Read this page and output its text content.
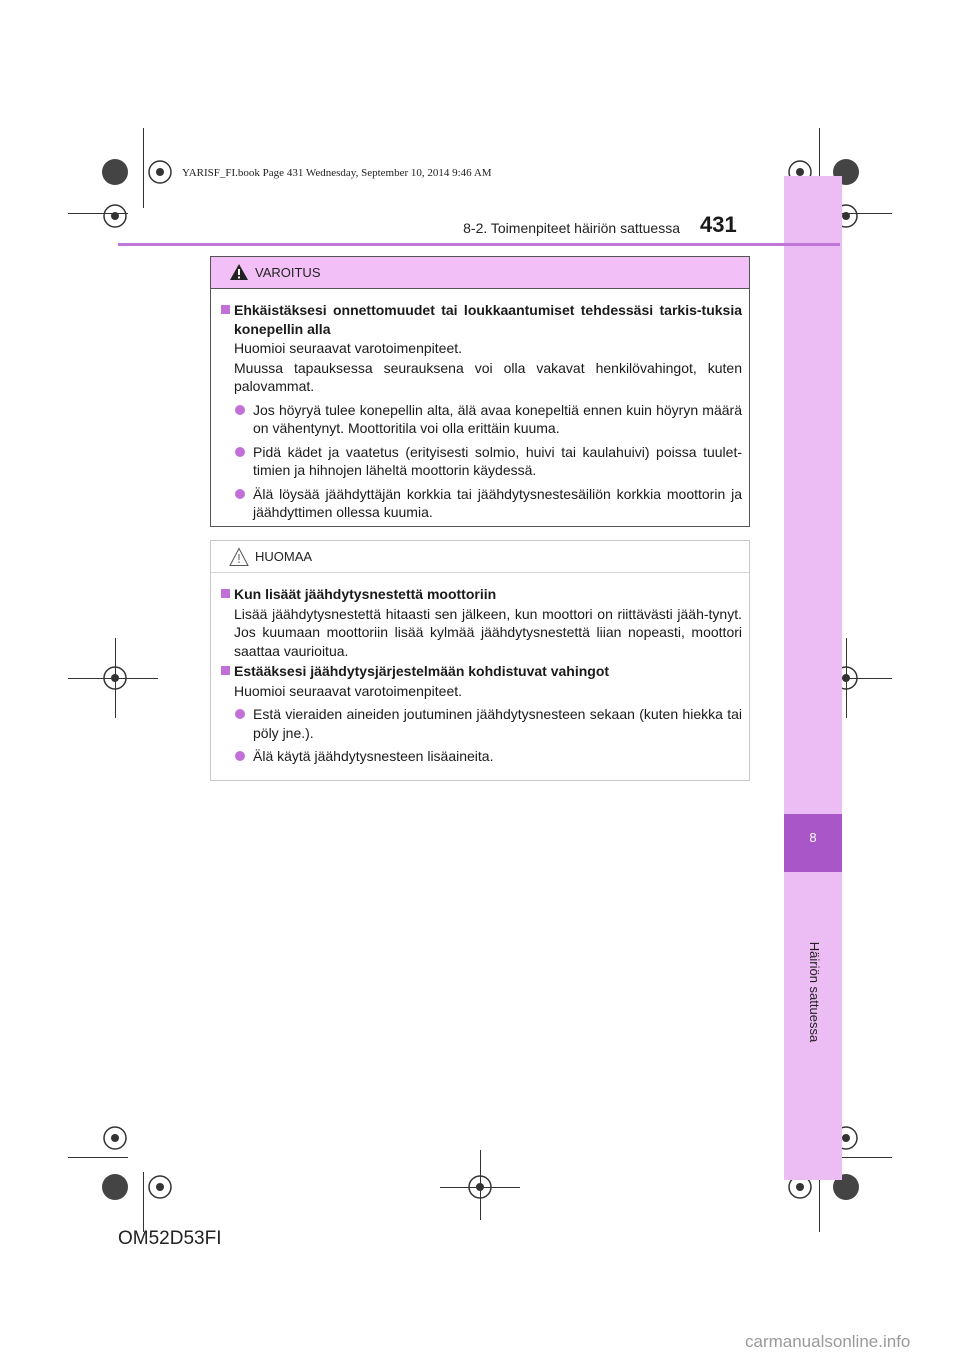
YARISF_FI.book Page 431 Wednesday, September 10, 2014 9:46 AM
8
Häiriön sattuessa
8-2. Toimenpiteet häiriön sattuessa 431
VAROITUS
Ehkäistäksesi onnettomuudet tai loukkaantumiset tehdessäsi tarkis-tuksia konepellin alla
Huomioi seuraavat varotoimenpiteet.
Muussa tapauksessa seurauksena voi olla vakavat henkilövahingot, kuten palovammat.
Jos höyryä tulee konepellin alta, älä avaa konepeltiä ennen kuin höyryn määrä on vähentynyt. Moottoritila voi olla erittäin kuuma.
Pidä kädet ja vaatetus (erityisesti solmio, huivi tai kaulahuivi) poissa tuulet-timien ja hihnojen läheltä moottorin käydessä.
Älä löysää jäähdyttäjän korkkia tai jäähdytysnestesäiliön korkkia moottorin ja jäähdyttimen ollessa kuumia.
HUOMAA
Kun lisäät jäähdytysnestettä moottoriin
Lisää jäähdytysnestettä hitaasti sen jälkeen, kun moottori on riittävästi jääh-tynyt. Jos kuumaan moottoriin lisää kylmää jäähdytysnestettä liian nopeasti, moottori saattaa vaurioitua.
Estääksesi jäähdytysjärjestelmään kohdistuvat vahingot
Huomioi seuraavat varotoimenpiteet.
Estä vieraiden aineiden joutuminen jäähdytysnesteen sekaan (kuten hiekka tai pöly jne.).
Älä käytä jäähdytysnesteen lisäaineita.
OM52D53FI
carmanualsonline.info
